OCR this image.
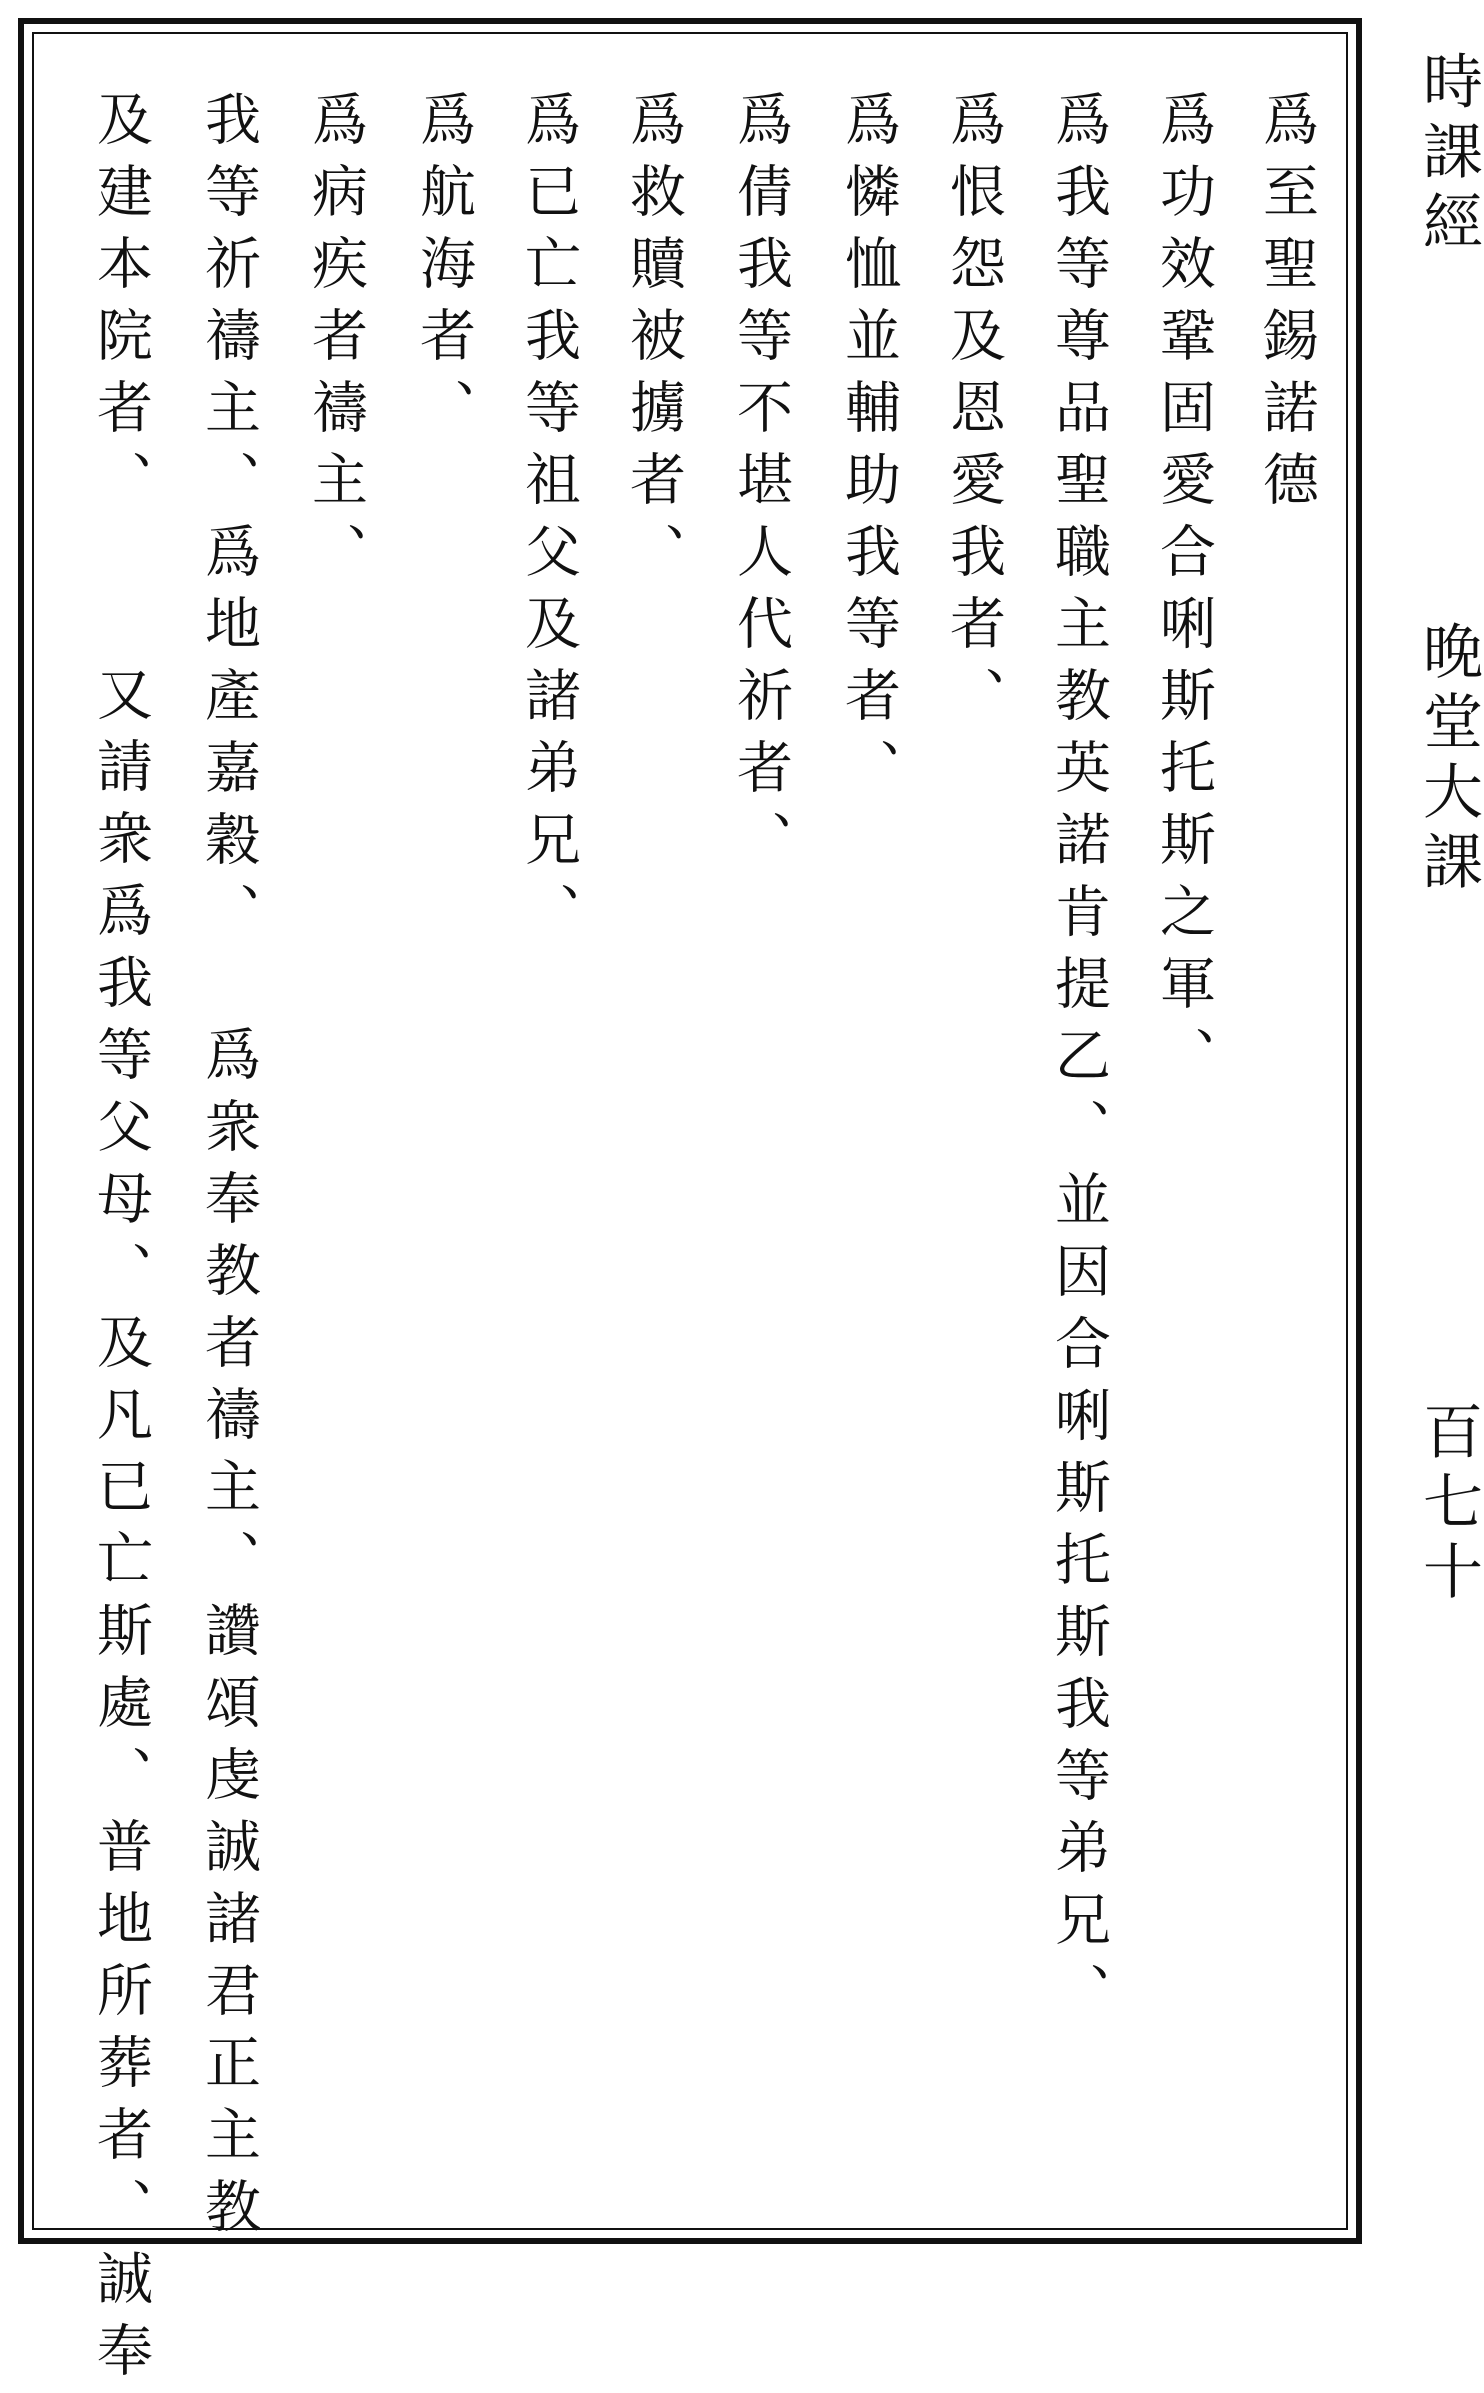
時課經
晚堂大課
百七十
爲至聖錫諾德
爲功效鞏固愛合唎斯托斯之軍、
爲我等尊品聖職主教英諾肯提乙、並因合唎斯托斯我等弟兄、
爲恨怨及恩愛我者、
爲憐恤並輔助我等者、
爲倩我等不堪人代祈者、
爲救贖被擄者、
爲已亡我等祖父及諸弟兄、
爲航海者、
爲病疾者禱主、
我等祈禱主、爲地產嘉穀、
爲衆奉教者禱主、讚頌虔誠諸君正主教
及建本院者、
又請衆爲我等父母、及凡已亡斯處、普地所葬者、誠奉
